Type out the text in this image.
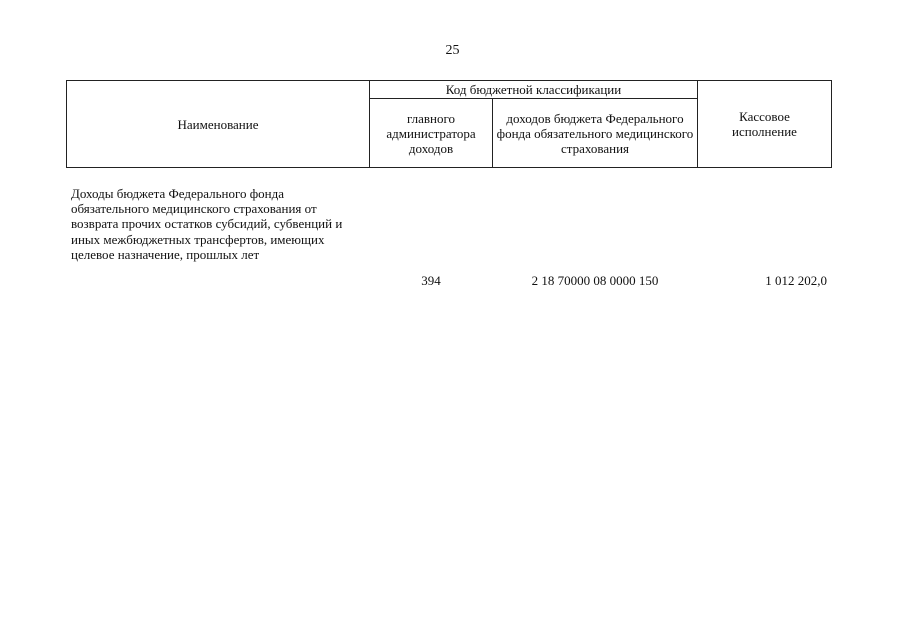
25
Наименование
Код бюджетной классификации
главного администратора доходов
доходов бюджета Федерального фонда обязательного медицинского страхования
Кассовое исполнение
Доходы бюджета Федерального фонда обязательного медицинского страхования от возврата прочих остатков субсидий, субвенций и иных межбюджетных трансфертов, имеющих целевое назначение, прошлых лет
394	2 18 70000 08 0000 150	1 012 202,0
